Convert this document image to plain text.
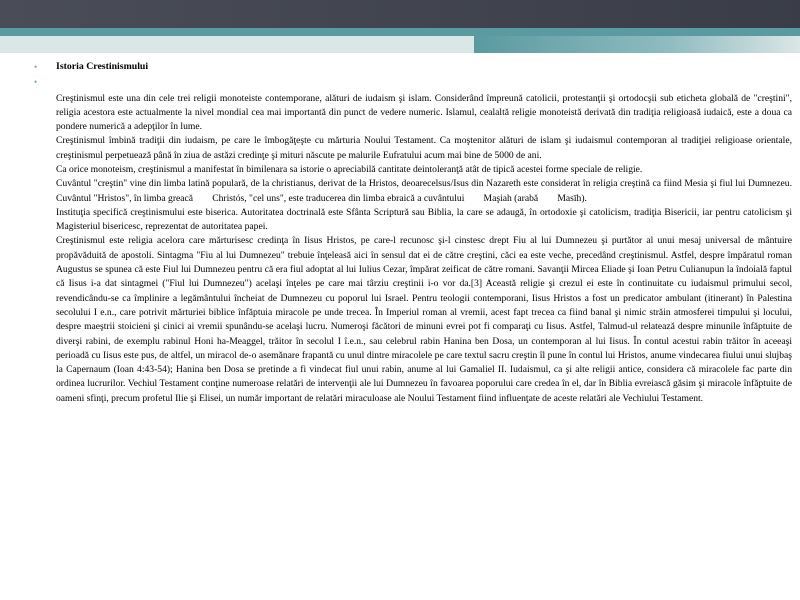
• Istoria Crestinismului
•

Creştinismul este una din cele trei religii monoteiste contemporane, alături de iudaism şi islam. Considerând împreună catolicii, protestanţii şi ortodocşii sub eticheta globală de "creştini", religia acestora este actualmente la nivel mondial cea mai importantă din punct de vedere numeric. Islamul, cealaltă religie monoteistă derivată din tradiţia religioasă iudaică, este a doua ca pondere numerică a adepţilor în lume.

Creştinismul îmbină tradiţii din iudaism, pe care le îmbogăţeşte cu mărturia Noului Testament. Ca moştenitor alături de islam şi iudaismul contemporan al tradiţiei religioase orientale, creştinismul perpetuează până în ziua de astăzi credinţe şi mituri născute pe malurile Eufratului acum mai bine de 5000 de ani.

Ca orice monoteism, creştinismul a manifestat în bimilenara sa istorie o apreciabilă cantitate deintoleranţă atât de tipică acestei forme speciale de religie.

Cuvântul "creştin" vine din limba latină populară, de la christianus, derivat de la Hristos, deoarecelsus/Isus din Nazareth este considerat în religia creştină ca fiind Mesia şi fiul lui Dumnezeu. Cuvântul "Hristos", în limba greacă        Christós, "cel uns", este traducerea din limba ebraică a cuvântului        Maşiah (arabă        Masīh).

Instituţia specifică creştinismului este biserica. Autoritatea doctrinală este Sfânta Scriptură sau Biblia, la care se adaugă, în ortodoxie şi catolicism, tradiţia Bisericii, iar pentru catolicism şi Magisteriul bisericesc, reprezentat de autoritatea papei.

Creştinismul este religia acelora care mărturisesc credinţa în Iisus Hristos, pe care-l recunosc şi-l cinstesc drept Fiu al lui Dumnezeu şi purtător al unui mesaj universal de mântuire propăvăduită de apostoli. Sintagma "Fiu al lui Dumnezeu" trebuie înţeleasă aici în sensul dat ei de către creştini, căci ea este veche, precedând creştinismul. Astfel, despre împăratul roman Augustus se spunea că este Fiul lui Dumnezeu pentru că era fiul adoptat al lui Iulius Cezar, împărat zeificat de către romani. Savanţii Mircea Eliade şi Ioan Petru Culianupun la îndoială faptul că Iisus i-a dat sintagmei ("Fiul lui Dumnezeu") acelaşi înţeles pe care mai târziu creştinii i-o vor da.[3] Această religie şi crezul ei este în continuitate cu iudaismul primului secol, revendicându-se ca împlinire a legământului încheiat de Dumnezeu cu poporul lui Israel. Pentru teologii contemporani, Iisus Hristos a fost un predicator ambulant (itinerant) în Palestina secolului I e.n., care potrivit mărturiei biblice înfăptuia miracole pe unde trecea. În Imperiul roman al vremii, acest fapt trecea ca fiind banal şi nimic străin atmosferei timpului şi locului, despre maeştrii stoicieni şi cinici ai vremii spunându-se acelaşi lucru. Numeroşi făcători de minuni evrei pot fi comparaţi cu Iisus. Astfel, Talmud-ul relatează despre minunile înfăptuite de diverşi rabini, de exemplu rabinul Honi ha-Meaggel, trăitor în secolul I î.e.n., sau celebrul rabin Hanina ben Dosa, un contemporan al lui Iisus. În contul acestui rabin trăitor în aceeaşi perioadă cu Iisus este pus, de altfel, un miracol de-o asemănare frapantă cu unul dintre miracolele pe care textul sacru creştin îl pune în contul lui Hristos, anume vindecarea fiului unui slujbaş la Capernaum (Ioan 4:43-54); Hanina ben Dosa se pretinde a fi vindecat fiul unui rabin, anume al lui Gamaliel II. Iudaismul, ca şi alte religii antice, considera că miracolele fac parte din ordinea lucrurilor. Vechiul Testament conţine numeroase relatări de intervenţii ale lui Dumnezeu în favoarea poporului care credea în el, dar în Biblia evreiască găsim şi miracole înfăptuite de oameni sfinţi, precum profetul Ilie şi Elisei, un număr important de relatări miraculoase ale Noului Testament fiind influenţate de aceste relatări ale Vechiului Testament.
